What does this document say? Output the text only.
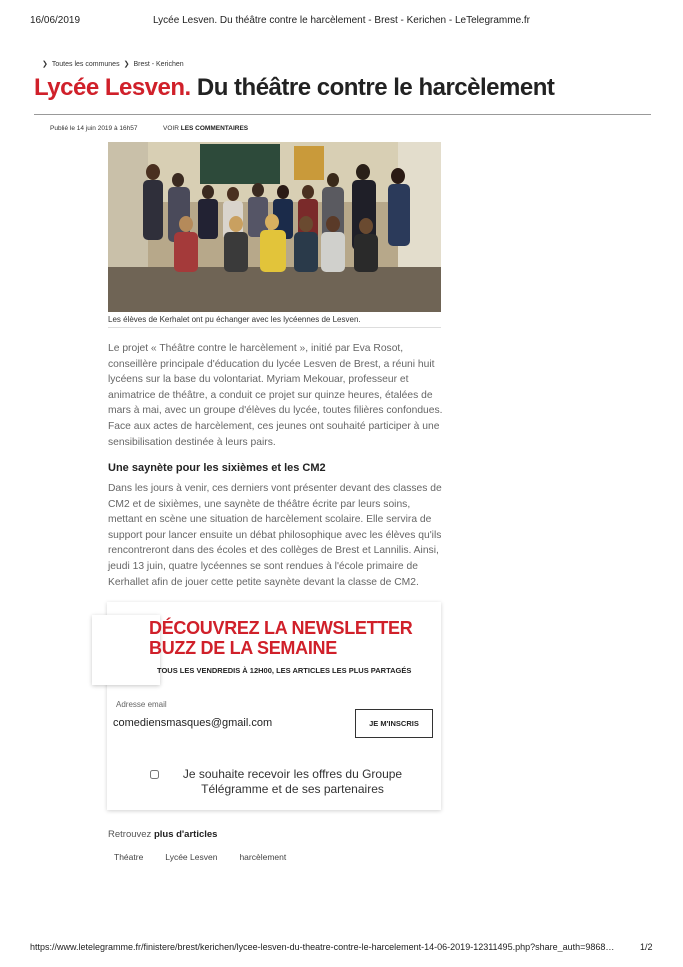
16/06/2019	Lycée Lesven. Du théâtre contre le harcèlement - Brest - Kerichen - LeTelegramme.fr
❯ Toutes les communes ❯ Brest - Kerichen
Lycée Lesven. Du théâtre contre le harcèlement
Publié le 14 juin 2019 à 16h57	VOIR LES COMMENTAIRES
Les élèves de Kerhalet ont pu échanger avec les lycéennes de Lesven.
Le projet « Théâtre contre le harcèlement », initié par Eva Rosot, conseillère principale d'éducation du lycée Lesven de Brest, a réuni huit lycéens sur la base du volontariat. Myriam Mekouar, professeur et animatrice de théâtre, a conduit ce projet sur quinze heures, étalées de mars à mai, avec un groupe d'élèves du lycée, toutes filières confondues. Face aux actes de harcèlement, ces jeunes ont souhaité participer à une sensibilisation destinée à leurs pairs.
Une saynète pour les sixièmes et les CM2
Dans les jours à venir, ces derniers vont présenter devant des classes de CM2 et de sixièmes, une saynète de théâtre écrite par leurs soins, mettant en scène une situation de harcèlement scolaire. Elle servira de support pour lancer ensuite un débat philosophique avec les élèves qu'ils rencontreront dans des écoles et des collèges de Brest et Lannilis. Ainsi, jeudi 13 juin, quatre lycéennes se sont rendues à l'école primaire de Kerhallet afin de jouer cette petite saynète devant la classe de CM2.
DÉCOUVREZ LA NEWSLETTER BUZZ DE LA SEMAINE
TOUS LES VENDREDIS À 12H00, LES ARTICLES LES PLUS PARTAGÉS
Adresse email
comediensmasques@gmail.com	JE M'INSCRIS
Je souhaite recevoir les offres du Groupe Télégramme et de ses partenaires
Retrouvez plus d'articles
Théatre	Lycée Lesven	harcèlement
https://www.letelegramme.fr/finistere/brest/kerichen/lycee-lesven-du-theatre-contre-le-harcelement-14-06-2019-12311495.php?share_auth=9868…	1/2
